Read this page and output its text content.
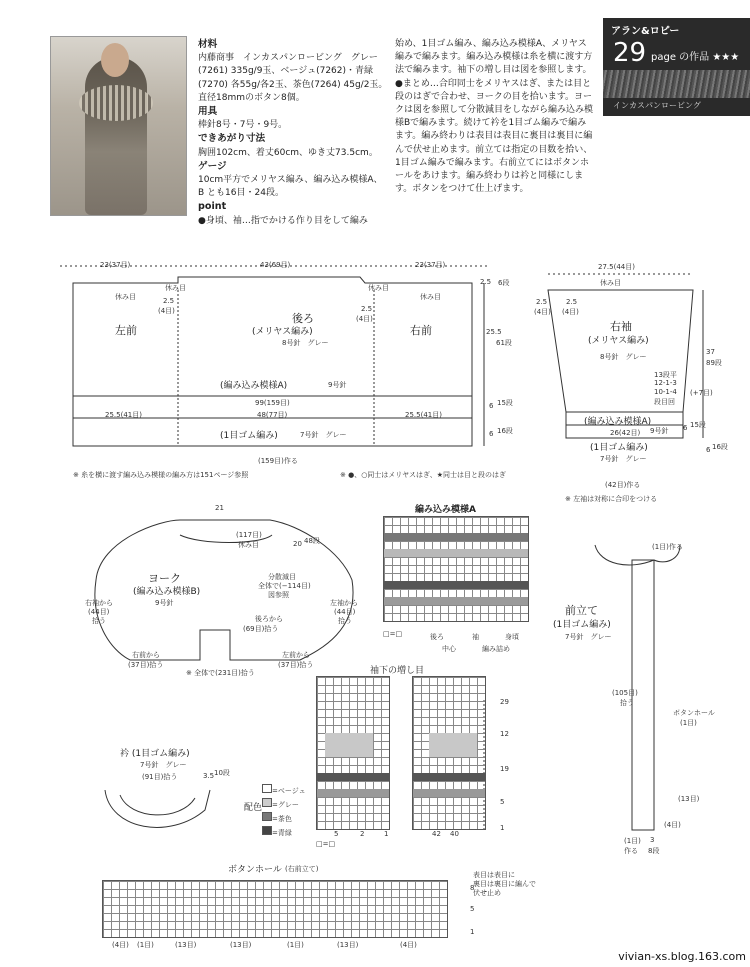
材料
内藤商事　インカスパンロービング　グレー(7261) 335g/9玉、ベージュ(7262)・青緑(7270) 各55g/各2玉、茶色(7264) 45g/2玉。直径18mmのボタン8個。
用具
棒針8号・7号・9号。
できあがり寸法
胸囲102cm、着丈60cm、ゆき丈73.5cm。
ゲージ
10cm平方でメリヤス編み、編み込み模様A、B とも16目・24段。
point
●身頃、袖…指でかける作り目をして編み
始め、1目ゴム編み、編み込み模様A、メリヤス編みで編みます。編み込み模様は糸を横に渡す方法で編みます。袖下の増し目は図を参照します。
●まとめ…合印同士をメリヤスはぎ、または目と段のはぎで合わせ、ヨークの目を拾います。ヨークは図を参照して分散減目をしながら編み込み模様Bで編みます。続けて衿を1目ゴム編みで編みます。編み終わりは表目は表目に裏目は裏目に編んで伏せ止めます。前立ては指定の目数を拾い、1目ゴム編みで編みます。右前立てにはボタンホールをあけます。編み終わりは衿と同様にします。ボタンをつけて仕上げます。
アラン&ロピー
29 page の作品 ★★★
インカスパンロービング
23(37目)	43(69目)	23(37目)
休み目
休み目	休み目
休み目
2.5
(4目)	2.5
(4目)
左前
後ろ
(メリヤス編み)
8号針　グレー
右前
(編み込み模様A)	9号針
99(159目)
48(77目)
25.5(41目)	25.5(41目)
(1目ゴム編み)	7号針　グレー
(159目)作る
2.5 6段
25.5
61段
6 15段
6 16段
※ 糸を横に渡す編み込み模様の編み方は151ページ参照	※ ●、○同士はメリヤスはぎ、★同士は目と段のはぎ
27.5(44目)
休み目
2.5
(4目)
2.5
(4目)
右袖
(メリヤス編み)
8号針　グレー
13段平
12-1-3
10-1-4
段目回
(+7目)
37
89段
(編み込み模様A)
9号針
26(42目)
(1目ゴム編み)
7号針　グレー
(42目)作る
6 15段
6 16段
※ 左袖は対称に合印をつける
21
(117目)
休み目	20 48段
ヨーク
(編み込み模様B)
9号針
分散減目
全体で(−114目)
図参照
後ろから
(69目)拾う
右袖から
(44目)
拾う
左袖から
(44目)
拾う
右前から
(37目)拾う
左前から
(37目)拾う
※ 全体で(231目)拾う
編み込み模様A
□=□	後ろ
中心
袖	身頃
編み詰め
袖下の増し目
5	2	1	42 40
29
12
19
5
1
□=□
配色
=ベージュ
=グレー
=茶色
=青緑
衿 (1目ゴム編み)
7号針　グレー
(91目)拾う	3.5 10段
(1目)作る
前立て
(1目ゴム編み)
7号針　グレー
(105目)
拾う
ボタンホール
(1目)
(13目)
(4目)
(1目)
作る
3
8段
ボタンホール (右前立て)
表目は表目に
裏目は裏目に編んで
伏せ止め
(4目) (1目)	(13目)	(13目)	(1目)	(13目)	(4目)
8
5
1
vivian-xs.blog.163.com
